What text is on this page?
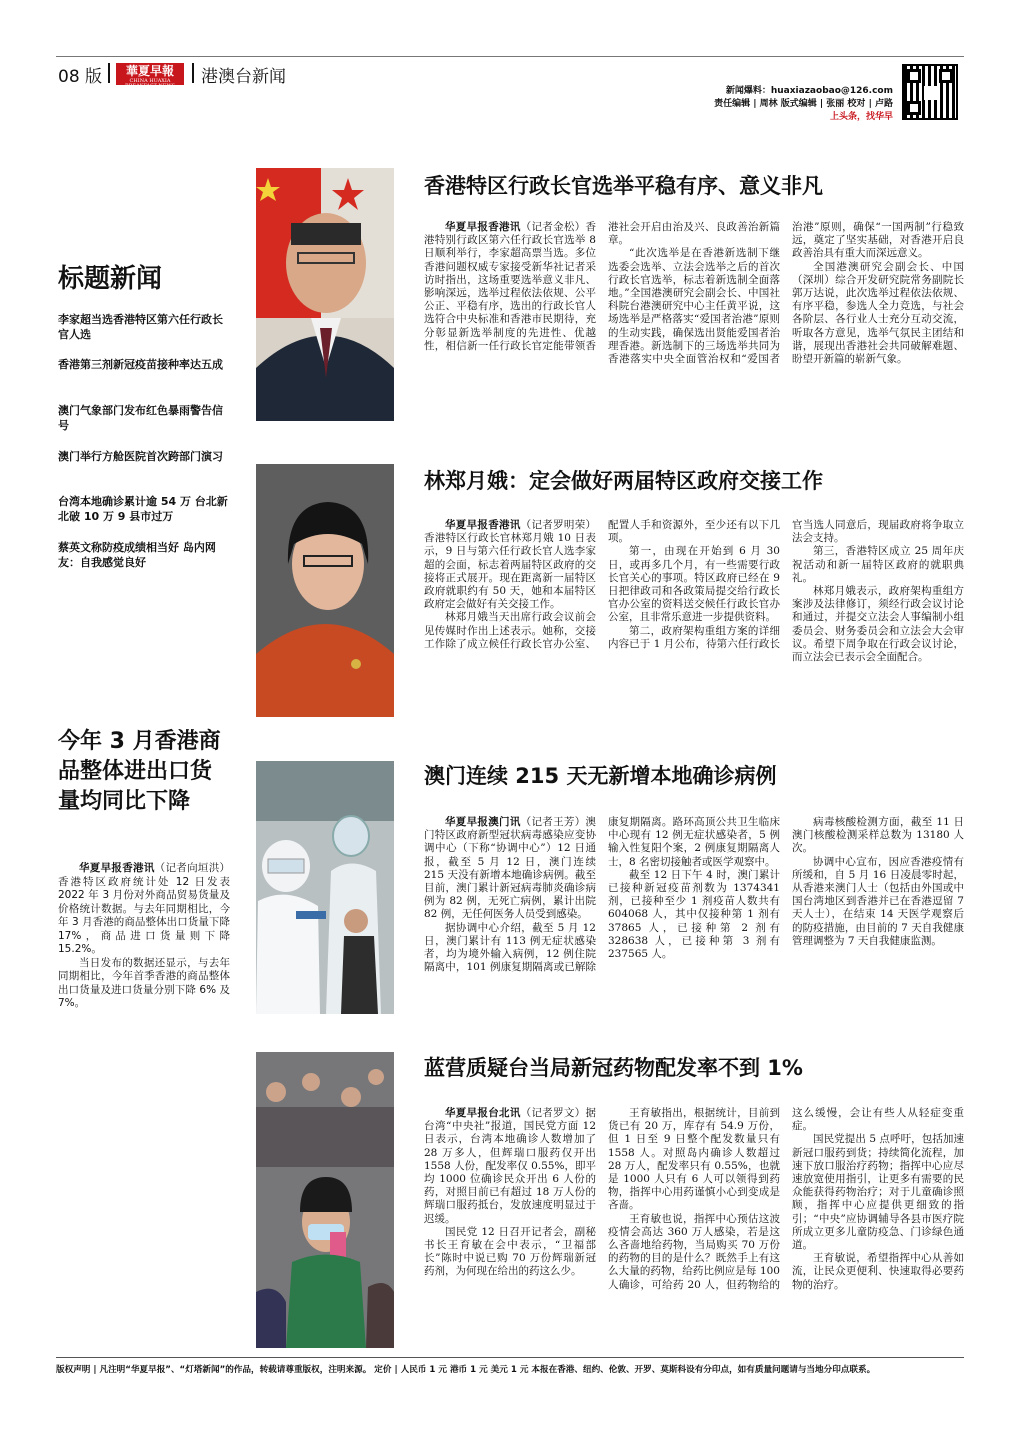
08 版	華夏早報
CHINA HUAXIA BREAKFAST NEWS	港澳台新闻
新闻爆料：huaxiazaobao@126.com
责任编辑 | 周林 版式编辑 | 张丽 校对 | 卢路
上头条，找华早
标题新闻
李家超当选香港特区第六任行政长官人选
香港第三剂新冠疫苗接种率达五成
澳门气象部门发布红色暴雨警告信号
澳门举行方舱医院首次跨部门演习
台湾本地确诊累计逾 54 万 台北新北破 10 万 9 县市过万
蔡英文称防疫成绩相当好 岛内网友：自我感觉良好
今年 3 月香港商品整体进出口货量均同比下降

华夏早报香港讯（记者向垣洪）香港特区政府统计处 12 日发表 2022 年 3 月份对外商品贸易货量及价格统计数据。与去年同期相比，今年 3 月香港的商品整体出口货量下降 17%，商品进口货量则下降 15.2%。

当日发布的数据还显示，与去年同期相比，今年首季香港的商品整体出口货量及进口货量分别下降 6% 及 7%。

香港特区行政长官选举平稳有序、意义非凡

华夏早报香港讯（记者金松）香港特别行政区第六任行政长官选举 8 日顺利举行，李家超高票当选。多位香港问题权威专家接受新华社记者采访时指出，这场重要选举意义非凡、影响深远，选举过程依法依规、公平公正、平稳有序，选出的行政长官人选符合中央标准和香港市民期待，充分彰显新选举制度的先进性、优越性，相信新一任行政长官定能带领香港社会开启由治及兴、良政善治新篇章。

“此次选举是在香港新选制下继选委会选举、立法会选举之后的首次行政长官选举，标志着新选制全面落地。”全国港澳研究会副会长、中国社科院台港澳研究中心主任黄平说，这场选举是严格落实“爱国者治港”原则的生动实践，确保选出贤能爱国者治理香港。新选制下的三场选举共同为香港落实中央全面管治权和“爱国者治港”原则，确保“一国两制”行稳致远，奠定了坚实基础，对香港开启良政善治具有重大而深远意义。

全国港澳研究会副会长、中国（深圳）综合开发研究院常务副院长郭万达说，此次选举过程依法依规、有序平稳，参选人全力竞选，与社会各阶层、各行业人士充分互动交流，听取各方意见，选举气氛民主团结和谐，展现出香港社会共同破解难题、盼望开新篇的崭新气象。

林郑月娥：定会做好两届特区政府交接工作

华夏早报香港讯（记者罗明荣）香港特区行政长官林郑月娥 10 日表示，9 日与第六任行政长官人选李家超的会面，标志着两届特区政府的交接将正式展开。现在距离新一届特区政府就职约有 50 天，她和本届特区政府定会做好有关交接工作。

林郑月娥当天出席行政会议前会见传媒时作出上述表示。她称，交接工作除了成立候任行政长官办公室、配置人手和资源外，至少还有以下几项。

第一，由现在开始到 6 月 30 日，或再多几个月，有一些需要行政长官关心的事项。特区政府已经在 9 日把律政司和各政策局提交给行政长官办公室的资料送交候任行政长官办公室，且非常乐意进一步提供资料。

第二，政府架构重组方案的详细内容已于 1 月公布，待第六任行政长官当选人同意后，现届政府将争取立法会支持。

第三，香港特区成立 25 周年庆祝活动和新一届特区政府的就职典礼。

林郑月娥表示，政府架构重组方案涉及法律修订，须经行政会议讨论和通过，并提交立法会人事编制小组委员会、财务委员会和立法会大会审议。希望下周争取在行政会议讨论，而立法会已表示会全面配合。

澳门连续 215 天无新增本地确诊病例

华夏早报澳门讯（记者王芳）澳门特区政府新型冠状病毒感染应变协调中心（下称“协调中心”）12 日通报，截至 5 月 12 日，澳门连续 215 天没有新增本地确诊病例。截至目前，澳门累计新冠病毒肺炎确诊病例为 82 例，无死亡病例，累计出院 82 例，无任何医务人员受到感染。

据协调中心介绍，截至 5 月 12 日，澳门累计有 113 例无症状感染者，均为境外输入病例，12 例住院隔离中，101 例康复期隔离或已解除康复期隔离。路环高顶公共卫生临床中心现有 12 例无症状感染者，5 例输入性复阳个案，2 例康复期隔离人士，8 名密切接触者或医学观察中。

截至 12 日下午 4 时，澳门累计已接种新冠疫苗剂数为 1374341 剂，已接种至少 1 剂疫苗人数共有 604068 人，其中仅接种第 1 剂有 37865 人，已接种第 2 剂有 328638 人，已接种第 3 剂有 237565 人。

病毒核酸检测方面，截至 11 日澳门核酸检测采样总数为 13180 人次。

协调中心宣布，因应香港疫情有所缓和，自 5 月 16 日凌晨零时起，从香港来澳门人士（包括由外国或中国台湾地区到香港并已在香港逗留 7 天人士），在结束 14 天医学观察后的防疫措施，由目前的 7 天自我健康管理调整为 7 天自我健康监测。

蓝营质疑台当局新冠药物配发率不到 1%

华夏早报台北讯（记者罗文）据台湾“中央社”报道，国民党方面 12 日表示，台湾本地确诊人数增加了 28 万多人，但辉瑞口服药仅开出 1558 人份，配发率仅 0.55%，即平均 1000 位确诊民众开出 6 人份的药，对照目前已有超过 18 万人份的辉瑞口服药抵台，发放速度明显过于迟缓。

国民党 12 日召开记者会，副秘书长王育敏在会中表示，“卫福部长”陈时中说已购 70 万份辉瑞新冠药剂，为何现在给出的药这么少。

王育敏指出，根据统计，目前到货已有 20 万，库存有 54.9 万份，但 1 日至 9 日整个配发数量只有 1558 人。对照岛内确诊人数超过 28 万人，配发率只有 0.55%，也就是 1000 人只有 6 人可以领得到药物，指挥中心用药谨慎小心到变成是吝啬。

王育敏也说，指挥中心预估这波疫情会高达 360 万人感染，若是这么吝啬地给药物，当局购买 70 万份的药物的目的是什么？既然手上有这么大量的药物，给药比例应是每 100 人确诊，可给药 20 人，但药物给的这么缓慢，会让有些人从轻症变重症。

国民党提出 5 点呼吁，包括加速新冠口服药到货；持续简化流程，加速下放口服治疗药物；指挥中心应尽速放宽使用指引，让更多有需要的民众能获得药物治疗；对于儿童确诊照顾，指挥中心应提供更细致的指引；“中央”应协调辅导各县市医疗院所成立更多儿童防疫急、门诊绿色通道。

王育敏说，希望指挥中心从善如流，让民众更便利、快速取得必要药物的治疗。

版权声明 | 凡注明“华夏早报”、“灯塔新闻”的作品，转载请尊重版权，注明来源。 定价 | 人民币 1 元 港币 1 元 美元 1 元 本报在香港、纽约、伦敦、开罗、莫斯科设有分印点，如有质量问题请与当地分印点联系。
